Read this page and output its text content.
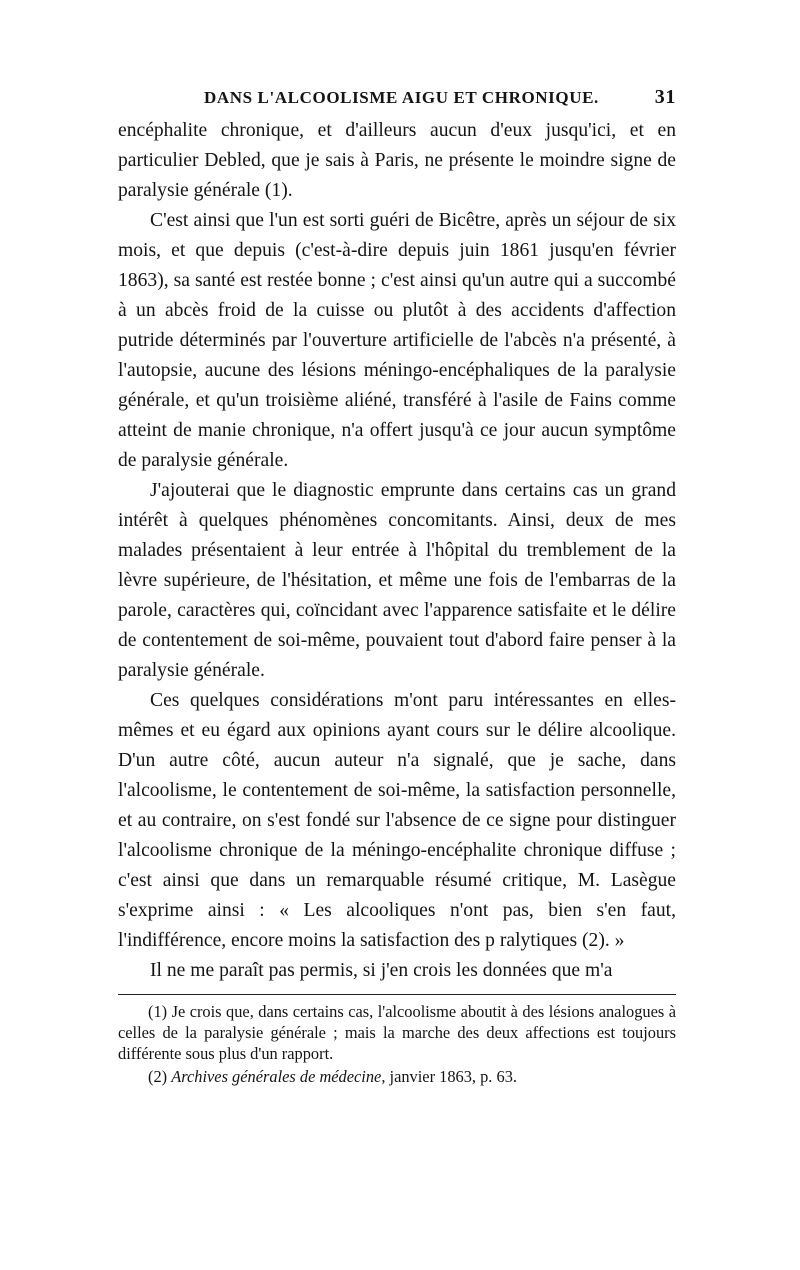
DANS L'ALCOOLISME AIGU ET CHRONIQUE.	31

encéphalite chronique, et d'ailleurs aucun d'eux jusqu'ici, et en particulier Debled, que je sais à Paris, ne présente le moindre signe de paralysie générale (1).

C'est ainsi que l'un est sorti guéri de Bicêtre, après un séjour de six mois, et que depuis (c'est-à-dire depuis juin 1861 jusqu'en février 1863), sa santé est restée bonne ; c'est ainsi qu'un autre qui a succombé à un abcès froid de la cuisse ou plutôt à des accidents d'affection putride déterminés par l'ouverture artificielle de l'abcès n'a présenté, à l'autopsie, aucune des lésions méningo-encéphaliques de la paralysie générale, et qu'un troisième aliéné, transféré à l'asile de Fains comme atteint de manie chronique, n'a offert jusqu'à ce jour aucun symptôme de paralysie générale.

J'ajouterai que le diagnostic emprunte dans certains cas un grand intérêt à quelques phénomènes concomitants. Ainsi, deux de mes malades présentaient à leur entrée à l'hôpital du tremblement de la lèvre supérieure, de l'hésitation, et même une fois de l'embarras de la parole, caractères qui, coïncidant avec l'apparence satisfaite et le délire de contentement de soi-même, pouvaient tout d'abord faire penser à la paralysie générale.

Ces quelques considérations m'ont paru intéressantes en elles-mêmes et eu égard aux opinions ayant cours sur le délire alcoolique. D'un autre côté, aucun auteur n'a signalé, que je sache, dans l'alcoolisme, le contentement de soi-même, la satisfaction personnelle, et au contraire, on s'est fondé sur l'absence de ce signe pour distinguer l'alcoolisme chronique de la méningo-encéphalite chronique diffuse ; c'est ainsi que dans un remarquable résumé critique, M. Lasègue s'exprime ainsi : « Les alcooliques n'ont pas, bien s'en faut, l'indifférence, encore moins la satisfaction des p ralytiques (2). »

Il ne me paraît pas permis, si j'en crois les données que m'a

(1) Je crois que, dans certains cas, l'alcoolisme aboutit à des lésions analogues à celles de la paralysie générale ; mais la marche des deux affections est toujours différente sous plus d'un rapport.

(2) Archives générales de médecine, janvier 1863, p. 63.
